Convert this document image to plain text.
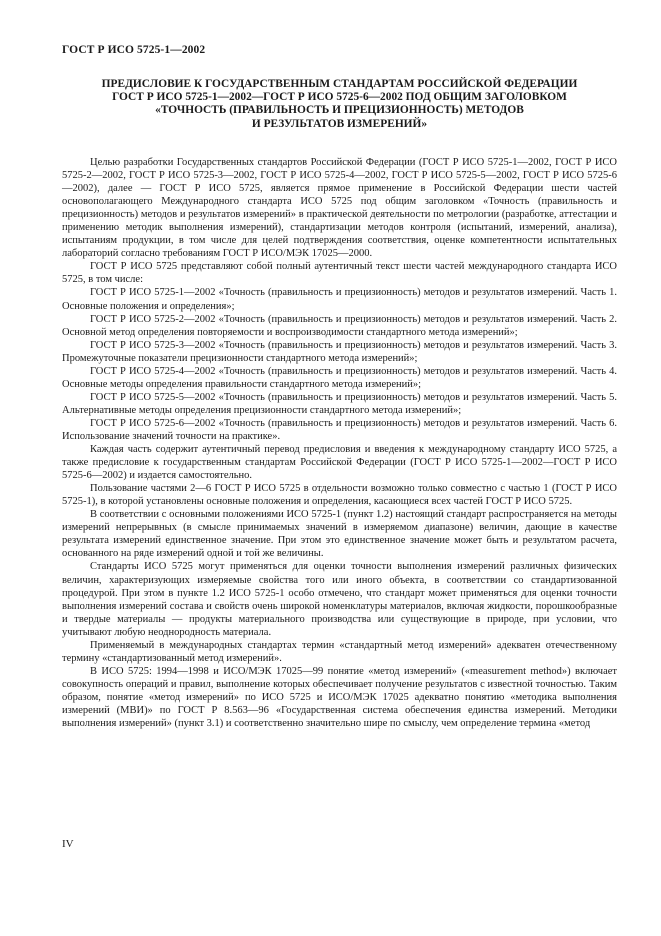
ГОСТ Р ИСО 5725-1—2002
ПРЕДИСЛОВИЕ К ГОСУДАРСТВЕННЫМ СТАНДАРТАМ РОССИЙСКОЙ ФЕДЕРАЦИИ
ГОСТ Р ИСО 5725-1—2002—ГОСТ Р ИСО 5725-6—2002 ПОД ОБЩИМ ЗАГОЛОВКОМ
«ТОЧНОСТЬ (ПРАВИЛЬНОСТЬ И ПРЕЦИЗИОННОСТЬ) МЕТОДОВ
И РЕЗУЛЬТАТОВ ИЗМЕРЕНИЙ»

Целью разработки Государственных стандартов Российской Федерации (ГОСТ Р ИСО 5725-1—2002, ГОСТ Р ИСО 5725-2—2002, ГОСТ Р ИСО 5725-3—2002, ГОСТ Р ИСО 5725-4—2002, ГОСТ Р ИСО 5725-5—2002, ГОСТ Р ИСО 5725-6—2002), далее — ГОСТ Р ИСО 5725, является прямое применение в Российской Федерации шести частей основополагающего Международного стандарта ИСО 5725 под общим заголовком «Точность (правильность и прецизионность) методов и результатов измерений» в практической деятельности по метрологии (разработке, аттестации и применению методик выполнения измерений), стандартизации методов контроля (испытаний, измерений, анализа), испытаниям продукции, в том числе для целей подтверждения соответствия, оценке компетентности испытательных лабораторий согласно требованиям ГОСТ Р ИСО/МЭК 17025—2000.

ГОСТ Р ИСО 5725 представляют собой полный аутентичный текст шести частей международного стандарта ИСО 5725, в том числе:

ГОСТ Р ИСО 5725-1—2002 «Точность (правильность и прецизионность) методов и результатов измерений. Часть 1. Основные положения и определения»;

ГОСТ Р ИСО 5725-2—2002 «Точность (правильность и прецизионность) методов и результатов измерений. Часть 2. Основной метод определения повторяемости и воспроизводимости стандартного метода измерений»;

ГОСТ Р ИСО 5725-3—2002 «Точность (правильность и прецизионность) методов и результатов измерений. Часть 3. Промежуточные показатели прецизионности стандартного метода измерений»;

ГОСТ Р ИСО 5725-4—2002 «Точность (правильность и прецизионность) методов и результатов измерений. Часть 4. Основные методы определения правильности стандартного метода измерений»;

ГОСТ Р ИСО 5725-5—2002 «Точность (правильность и прецизионность) методов и результатов измерений. Часть 5. Альтернативные методы определения прецизионности стандартного метода измерений»;

ГОСТ Р ИСО 5725-6—2002 «Точность (правильность и прецизионность) методов и результатов измерений. Часть 6. Использование значений точности на практике».

Каждая часть содержит аутентичный перевод предисловия и введения к международному стандарту ИСО 5725, а также предисловие к государственным стандартам Российской Федерации (ГОСТ Р ИСО 5725-1—2002—ГОСТ Р ИСО 5725-6—2002) и издается самостоятельно.

Пользование частями 2—6 ГОСТ Р ИСО 5725 в отдельности возможно только совместно с частью 1 (ГОСТ Р ИСО 5725-1), в которой установлены основные положения и определения, касающиеся всех частей ГОСТ Р ИСО 5725.

В соответствии с основными положениями ИСО 5725-1 (пункт 1.2) настоящий стандарт распространяется на методы измерений непрерывных (в смысле принимаемых значений в измеряемом диапазоне) величин, дающие в качестве результата измерений единственное значение. При этом это единственное значение может быть и результатом расчета, основанного на ряде измерений одной и той же величины.

Стандарты ИСО 5725 могут применяться для оценки точности выполнения измерений различных физических величин, характеризующих измеряемые свойства того или иного объекта, в соответствии со стандартизованной процедурой. При этом в пункте 1.2 ИСО 5725-1 особо отмечено, что стандарт может применяться для оценки точности выполнения измерений состава и свойств очень широкой номенклатуры материалов, включая жидкости, порошкообразные и твердые материалы — продукты материального производства или существующие в природе, при условии, что учитывают любую неоднородность материала.

Применяемый в международных стандартах термин «стандартный метод измерений» адекватен отечественному термину «стандартизованный метод измерений».

В ИСО 5725: 1994—1998 и ИСО/МЭК 17025—99 понятие «метод измерений» («measurement method») включает совокупность операций и правил, выполнение которых обеспечивает получение результатов с известной точностью. Таким образом, понятие «метод измерений» по ИСО 5725 и ИСО/МЭК 17025 адекватно понятию «методика выполнения измерений (МВИ)» по ГОСТ Р 8.563—96 «Государственная система обеспечения единства измерений. Методики выполнения измерений» (пункт 3.1) и соответственно значительно шире по смыслу, чем определение термина «метод

IV
